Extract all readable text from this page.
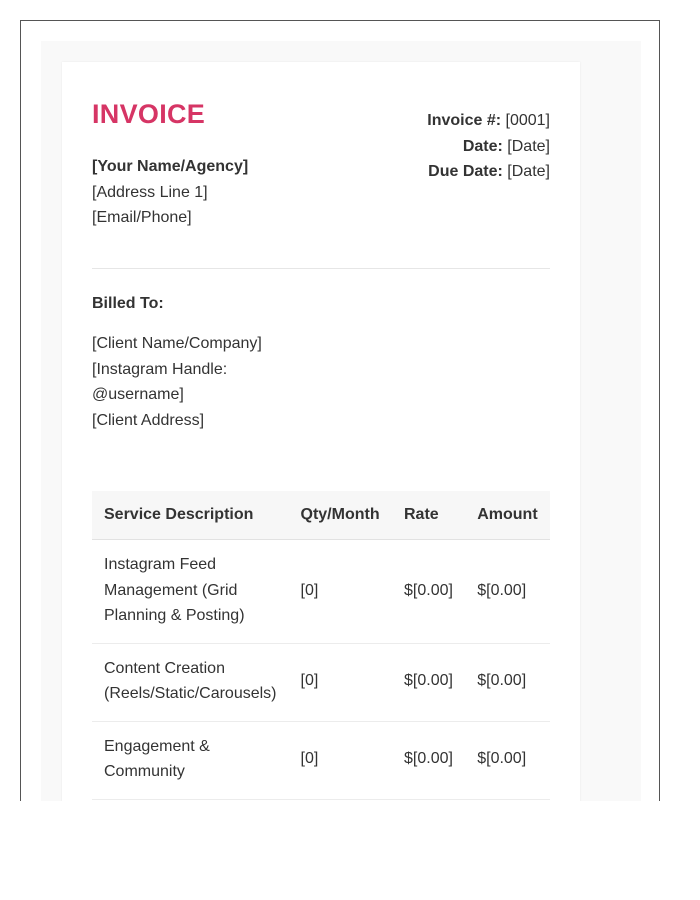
INVOICE
[Your Name/Agency]
[Address Line 1]
[Email/Phone]
Invoice #: [0001]
Date: [Date]
Due Date: [Date]
Billed To:
[Client Name/Company]
[Instagram Handle: @username]
[Client Address]
Service Description	Qty/Month	Rate	Amount
Instagram Feed Management (Grid Planning & Posting)	[0]	$[0.00]	$[0.00]
Content Creation (Reels/Static/Carousels)	[0]	$[0.00]	$[0.00]
Engagement & Community	[0]	$[0.00]	$[0.00]
